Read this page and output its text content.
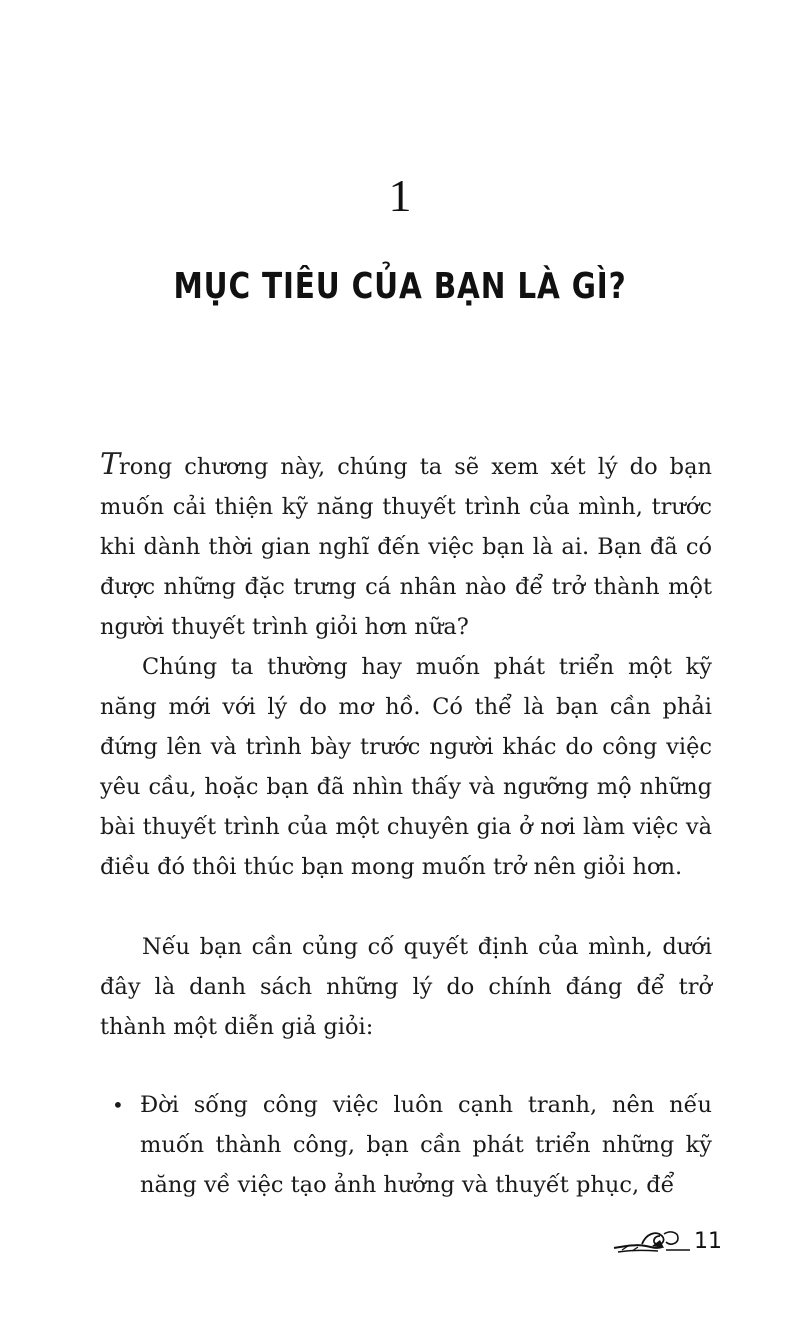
1
MỤC TIÊU CỦA BẠN LÀ GÌ?

Trong chương này, chúng ta sẽ xem xét lý do bạn muốn cải thiện kỹ năng thuyết trình của mình, trước khi dành thời gian nghĩ đến việc bạn là ai. Bạn đã có được những đặc trưng cá nhân nào để trở thành một người thuyết trình giỏi hơn nữa?

Chúng ta thường hay muốn phát triển một kỹ năng mới với lý do mơ hồ. Có thể là bạn cần phải đứng lên và trình bày trước người khác do công việc yêu cầu, hoặc bạn đã nhìn thấy và ngưỡng mộ những bài thuyết trình của một chuyên gia ở nơi làm việc và điều đó thôi thúc bạn mong muốn trở nên giỏi hơn.

Nếu bạn cần củng cố quyết định của mình, dưới đây là danh sách những lý do chính đáng để trở thành một diễn giả giỏi:

• Đời sống công việc luôn cạnh tranh, nên nếu muốn thành công, bạn cần phát triển những kỹ năng về việc tạo ảnh hưởng và thuyết phục, để
11
